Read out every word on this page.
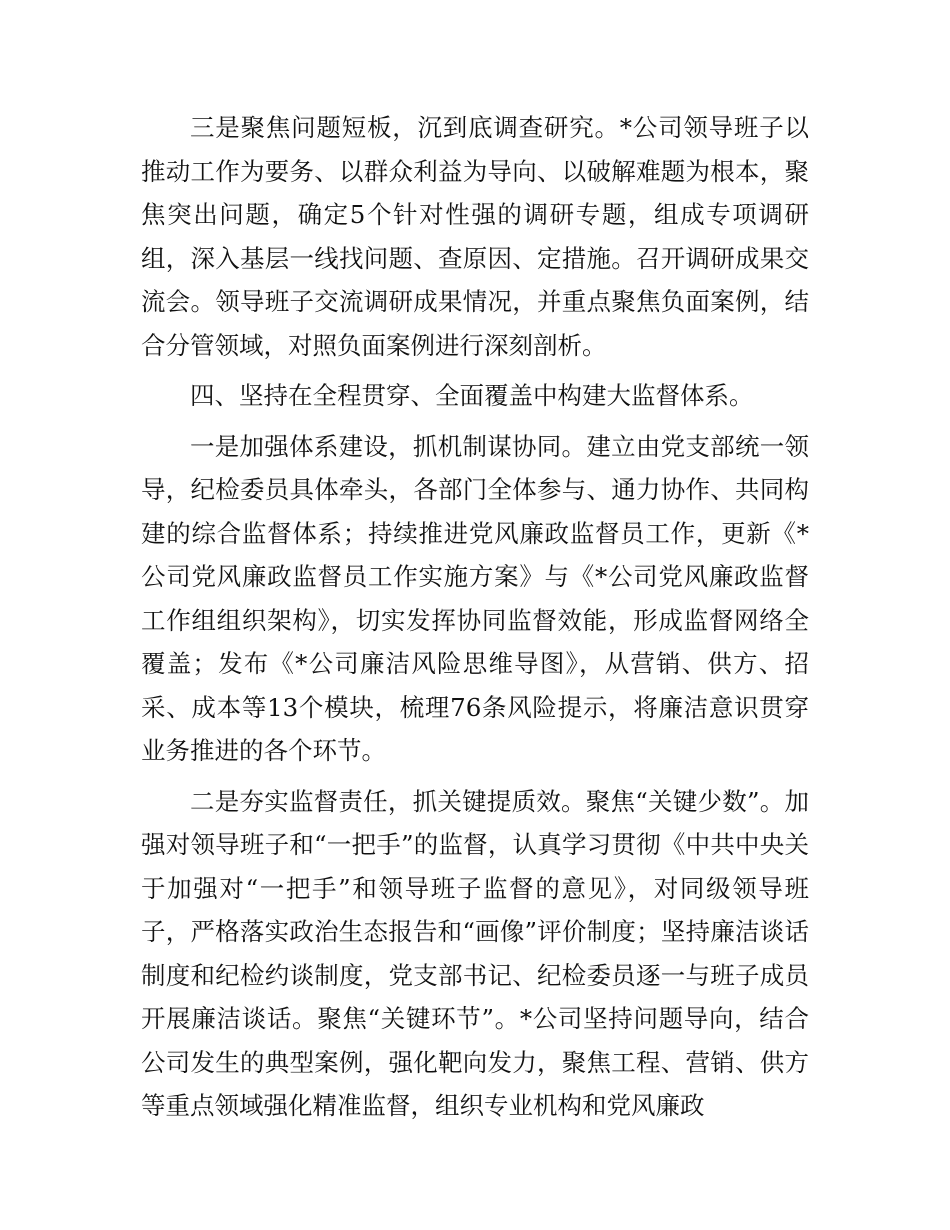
三是聚焦问题短板，沉到底调查研究。*公司领导班子以推动工作为要务、以群众利益为导向、以破解难题为根本，聚焦突出问题，确定5个针对性强的调研专题，组成专项调研组，深入基层一线找问题、查原因、定措施。召开调研成果交流会。领导班子交流调研成果情况，并重点聚焦负面案例，结合分管领域，对照负面案例进行深刻剖析。

四、坚持在全程贯穿、全面覆盖中构建大监督体系。

一是加强体系建设，抓机制谋协同。建立由党支部统一领导，纪检委员具体牵头，各部门全体参与、通力协作、共同构建的综合监督体系；持续推进党风廉政监督员工作，更新《*公司党风廉政监督员工作实施方案》与《*公司党风廉政监督工作组组织架构》，切实发挥协同监督效能，形成监督网络全覆盖；发布《*公司廉洁风险思维导图》，从营销、供方、招采、成本等13个模块，梳理76条风险提示，将廉洁意识贯穿业务推进的各个环节。

二是夯实监督责任，抓关键提质效。聚焦“关键少数”。加强对领导班子和“一把手”的监督，认真学习贯彻《中共中央关于加强对“一把手”和领导班子监督的意见》，对同级领导班子，严格落实政治生态报告和“画像”评价制度；坚持廉洁谈话制度和纪检约谈制度，党支部书记、纪检委员逐一与班子成员开展廉洁谈话。聚焦“关键环节”。*公司坚持问题导向，结合公司发生的典型案例，强化靶向发力，聚焦工程、营销、供方等重点领域强化精准监督，组织专业机构和党风廉政
